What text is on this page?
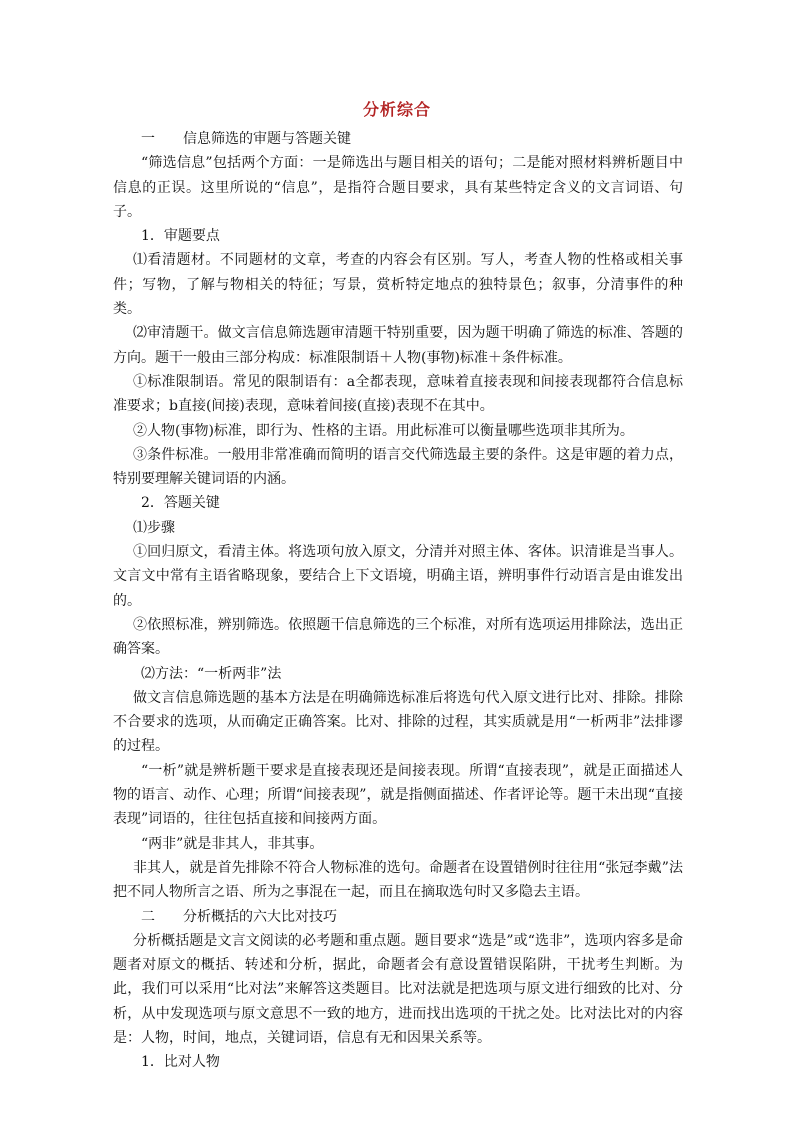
分析综合

一　　信息筛选的审题与答题关键

“筛选信息”包括两个方面：一是筛选出与题目相关的语句；二是能对照材料辨析题目中信息的正误。这里所说的“信息”，是指符合题目要求，具有某些特定含义的文言词语、句子。

1．审题要点

⑴看清题材。不同题材的文章，考查的内容会有区别。写人，考查人物的性格或相关事件；写物，了解与物相关的特征；写景，赏析特定地点的独特景色；叙事，分清事件的种类。

⑵审清题干。做文言信息筛选题审清题干特别重要，因为题干明确了筛选的标准、答题的方向。题干一般由三部分构成：标准限制语＋人物(事物)标准＋条件标准。

①标准限制语。常见的限制语有：a全都表现，意味着直接表现和间接表现都符合信息标准要求；b直接(间接)表现，意味着间接(直接)表现不在其中。

②人物(事物)标准，即行为、性格的主语。用此标准可以衡量哪些选项非其所为。

③条件标准。一般用非常准确而简明的语言交代筛选最主要的条件。这是审题的着力点，特别要理解关键词语的内涵。

2．答题关键

⑴步骤

①回归原文，看清主体。将选项句放入原文，分清并对照主体、客体。识清谁是当事人。文言文中常有主语省略现象，要结合上下文语境，明确主语，辨明事件行动语言是由谁发出的。

②依照标准，辨别筛选。依照题干信息筛选的三个标准，对所有选项运用排除法，选出正确答案。

⑵方法：“一析两非”法

做文言信息筛选题的基本方法是在明确筛选标准后将选句代入原文进行比对、排除。排除不合要求的选项，从而确定正确答案。比对、排除的过程，其实质就是用“一析两非”法排谬的过程。

“一析”就是辨析题干要求是直接表现还是间接表现。所谓“直接表现”，就是正面描述人物的语言、动作、心理；所谓“间接表现”，就是指侧面描述、作者评论等。题干未出现“直接表现”词语的，往往包括直接和间接两方面。

“两非”就是非其人，非其事。

非其人，就是首先排除不符合人物标准的选句。命题者在设置错例时往往用“张冠李戴”法把不同人物所言之语、所为之事混在一起，而且在摘取选句时又多隐去主语。

二　　分析概括的六大比对技巧

分析概括题是文言文阅读的必考题和重点题。题目要求“选是”或“选非”，选项内容多是命题者对原文的概括、转述和分析，据此，命题者会有意设置错误陷阱，干扰考生判断。为此，我们可以采用“比对法”来解答这类题目。比对法就是把选项与原文进行细致的比对、分析，从中发现选项与原文意思不一致的地方，进而找出选项的干扰之处。比对法比对的内容是：人物，时间，地点，关键词语，信息有无和因果关系等。

1．比对人物
